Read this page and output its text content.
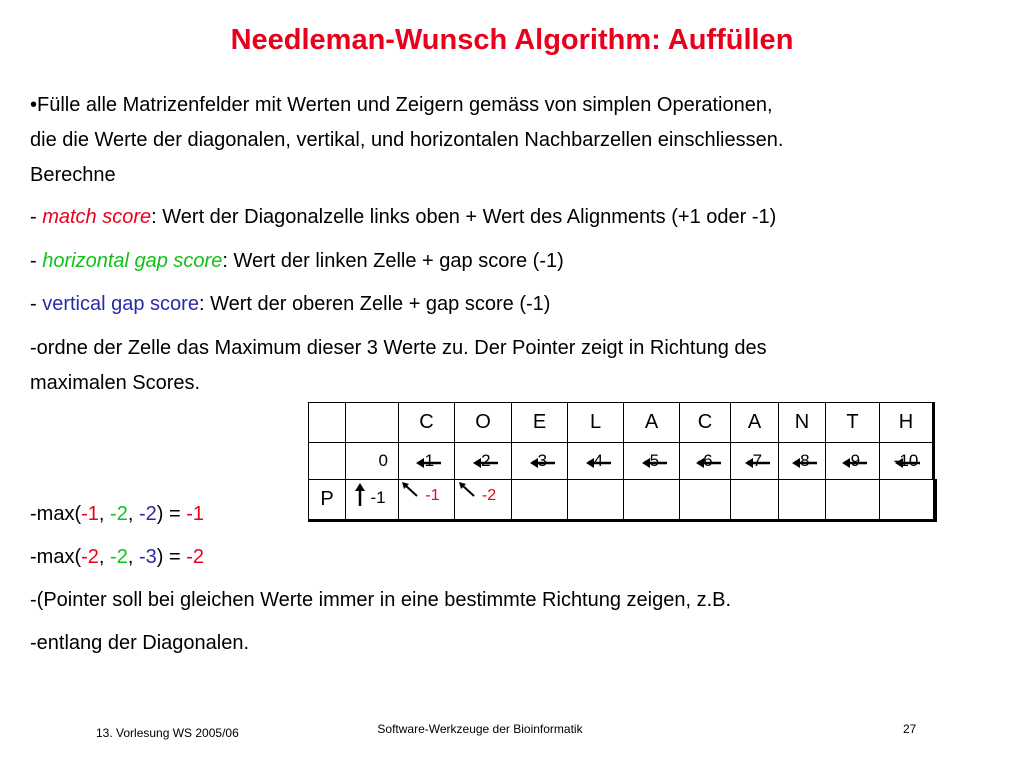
Needleman-Wunsch Algorithm: Auffüllen
•Fülle alle Matrizenfelder mit Werten und Zeigern gemäss von simplen Operationen,
die die Werte der diagonalen, vertikal, und horizontalen Nachbarzellen einschliessen.
Berechne
- match score: Wert der Diagonalzelle links oben + Wert des Alignments (+1 oder -1)
- horizontal gap score: Wert der linken Zelle + gap score (-1)
- vertical gap score: Wert der oberen Zelle + gap score (-1)
-ordne der Zelle das Maximum dieser 3 Werte zu. Der Pointer zeigt in Richtung des
maximalen Scores.
		C	O	E	L	A	C	A	N	T	H	
	0	-1	-2	-3	-4	-5	-6	-7	-8	-9	-10	
P	-1	-1	-2									
-max(-1, -2, -2) = -1
-max(-2, -2, -3) = -2
-(Pointer soll bei gleichen Werte immer in eine bestimmte Richtung zeigen, z.B.
-entlang der Diagonalen.
13. Vorlesung WS 2005/06	Software-Werkzeuge der Bioinformatik	27
